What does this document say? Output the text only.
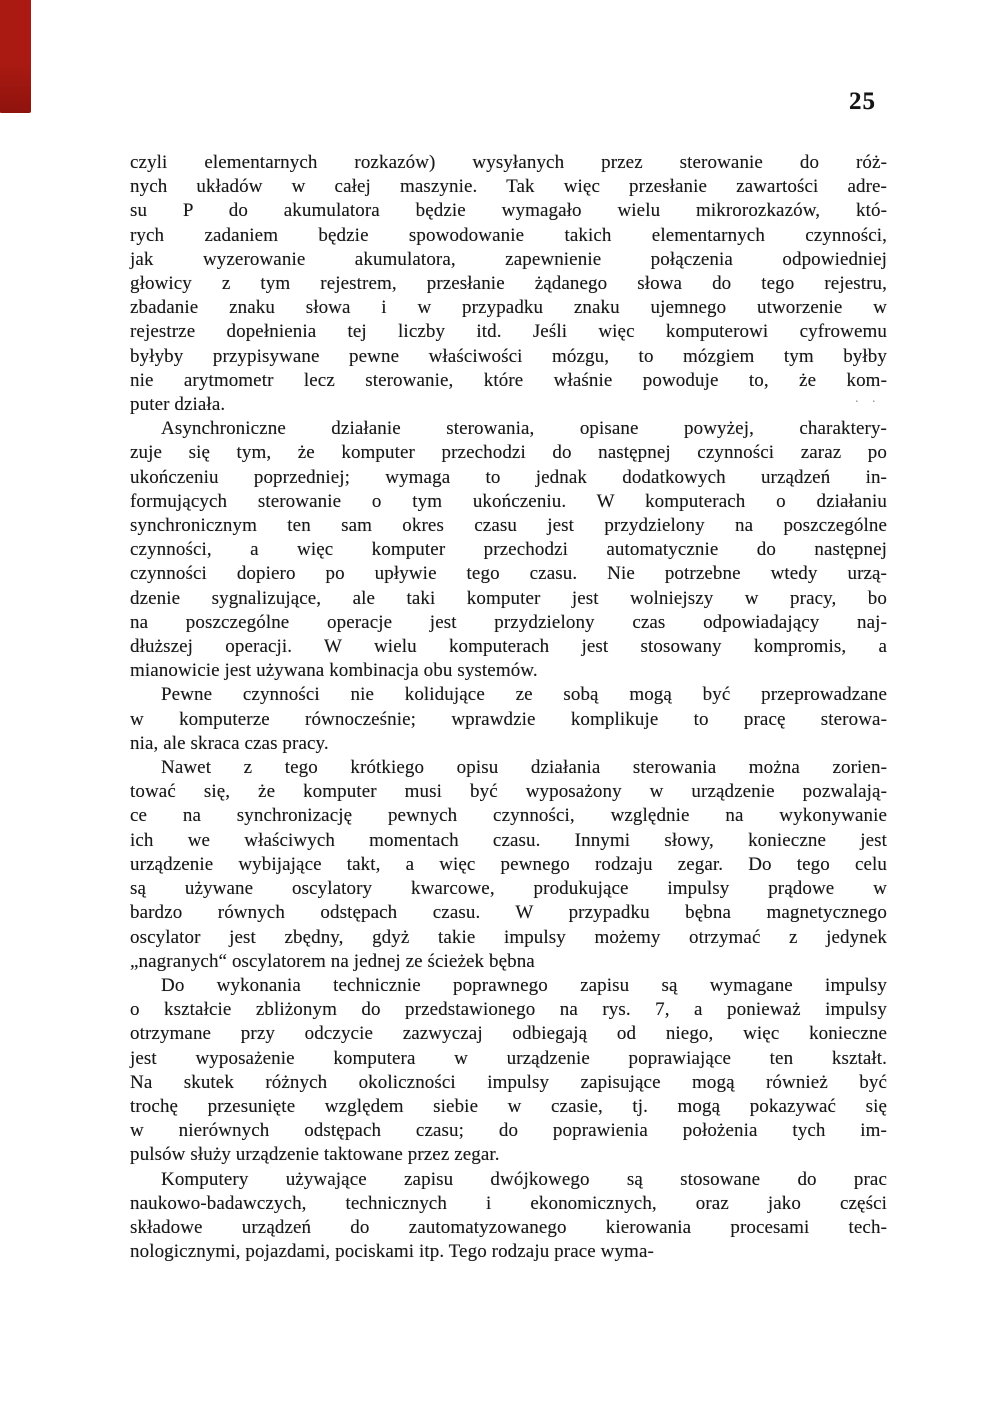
25
. .
czyli elementarnych rozkazów) wysyłanych przez sterowanie do róż-
nych układów w całej maszynie. Tak więc przesłanie zawartości adre-
su P do akumulatora będzie wymagało wielu mikrorozkazów, któ-
rych zadaniem będzie spowodowanie takich elementarnych czynności,
jak wyzerowanie akumulatora, zapewnienie połączenia odpowiedniej
głowicy z tym rejestrem, przesłanie żądanego słowa do tego rejestru,
zbadanie znaku słowa i w przypadku znaku ujemnego utworzenie w
rejestrze dopełnienia tej liczby itd. Jeśli więc komputerowi cyfrowemu
byłyby przypisywane pewne właściwości mózgu, to mózgiem tym byłby
nie arytmometr lecz sterowanie, które właśnie powoduje to, że kom-
puter działa.
Asynchroniczne działanie sterowania, opisane powyżej, charaktery-
zuje się tym, że komputer przechodzi do następnej czynności zaraz po
ukończeniu poprzedniej; wymaga to jednak dodatkowych urządzeń in-
formujących sterowanie o tym ukończeniu. W komputerach o działaniu
synchronicznym ten sam okres czasu jest przydzielony na poszczególne
czynności, a więc komputer przechodzi automatycznie do następnej
czynności dopiero po upływie tego czasu. Nie potrzebne wtedy urzą-
dzenie sygnalizujące, ale taki komputer jest wolniejszy w pracy, bo
na poszczególne operacje jest przydzielony czas odpowiadający naj-
dłuższej operacji. W wielu komputerach jest stosowany kompromis, a
mianowicie jest używana kombinacja obu systemów.
Pewne czynności nie kolidujące ze sobą mogą być przeprowadzane
w komputerze równocześnie; wprawdzie komplikuje to pracę sterowa-
nia, ale skraca czas pracy.
Nawet z tego krótkiego opisu działania sterowania można zorien-
tować się, że komputer musi być wyposażony w urządzenie pozwalają-
ce na synchronizację pewnych czynności, względnie na wykonywanie
ich we właściwych momentach czasu. Innymi słowy, konieczne jest
urządzenie wybijające takt, a więc pewnego rodzaju zegar. Do tego celu
są używane oscylatory kwarcowe, produkujące impulsy prądowe w
bardzo równych odstępach czasu. W przypadku bębna magnetycznego
oscylator jest zbędny, gdyż takie impulsy możemy otrzymać z jedynek
„nagranych“ oscylatorem na jednej ze ścieżek bębna
Do wykonania technicznie poprawnego zapisu są wymagane impulsy
o kształcie zbliżonym do przedstawionego na rys. 7, a ponieważ impulsy
otrzymane przy odczycie zazwyczaj odbiegają od niego, więc konieczne
jest wyposażenie komputera w urządzenie poprawiające ten kształt.
Na skutek różnych okoliczności impulsy zapisujące mogą również być
trochę przesunięte względem siebie w czasie, tj. mogą pokazywać się
w nierównych odstępach czasu; do poprawienia położenia tych im-
pulsów służy urządzenie taktowane przez zegar.
Komputery używające zapisu dwójkowego są stosowane do prac
naukowo-badawczych, technicznych i ekonomicznych, oraz jako części
składowe urządzeń do zautomatyzowanego kierowania procesami tech-
nologicznymi, pojazdami, pociskami itp. Tego rodzaju prace wyma-
